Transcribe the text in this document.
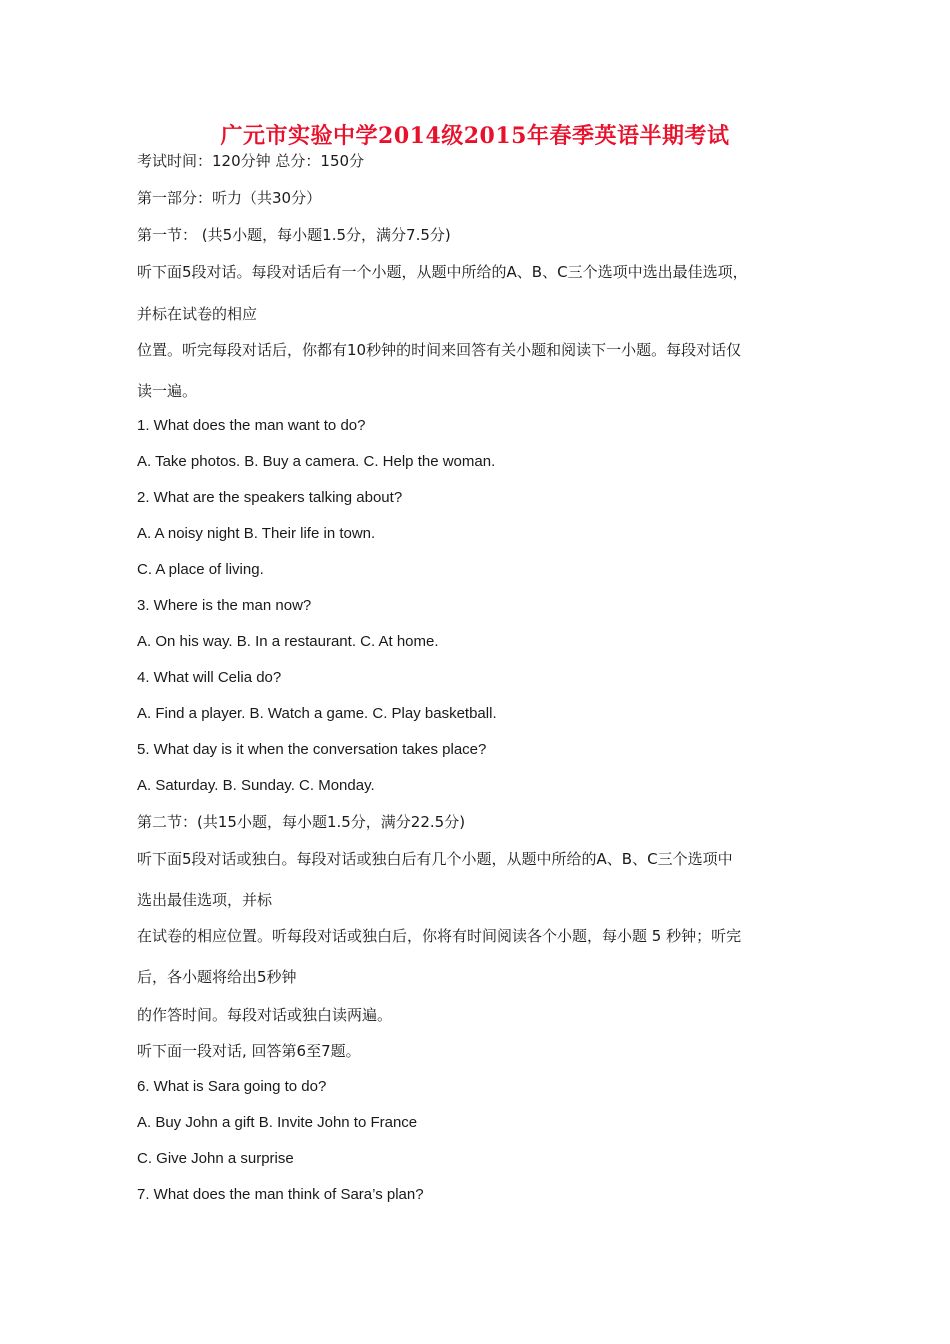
广元市实验中学2014级2015年春季英语半期考试
考试时间：120分钟 总分：150分
第一部分：听力（共30分）
第一节： (共5小题，每小题1.5分，满分7.5分)
听下面5段对话。每段对话后有一个小题，从题中所给的A、B、C三个选项中选出最佳选项，
并标在试卷的相应
位置。听完每段对话后，你都有10秒钟的时间来回答有关小题和阅读下一小题。每段对话仅
读一遍。
1. What does the man want to do?
A. Take photos. B. Buy a camera. C. Help the woman.
2. What are the speakers talking about?
A. A noisy night B. Their life in town.
C. A place of living.
3. Where is the man now?
A. On his way. B. In a restaurant. C. At home.
4. What will Celia do?
A. Find a player. B. Watch a game. C. Play basketball.
5. What day is it when the conversation takes place?
A. Saturday. B. Sunday. C. Monday.
第二节：(共15小题，每小题1.5分，满分22.5分)
听下面5段对话或独白。每段对话或独白后有几个小题，从题中所给的A、B、C三个选项中
选出最佳选项，并标
在试卷的相应位置。听每段对话或独白后，你将有时间阅读各个小题，每小题 5 秒钟；听完
后，各小题将给出5秒钟
的作答时间。每段对话或独白读两遍。
听下面一段对话, 回答第6至7题。
6. What is Sara going to do?
A. Buy John a gift B. Invite John to France
C. Give John a surprise
7. What does the man think of Sara’s plan?
